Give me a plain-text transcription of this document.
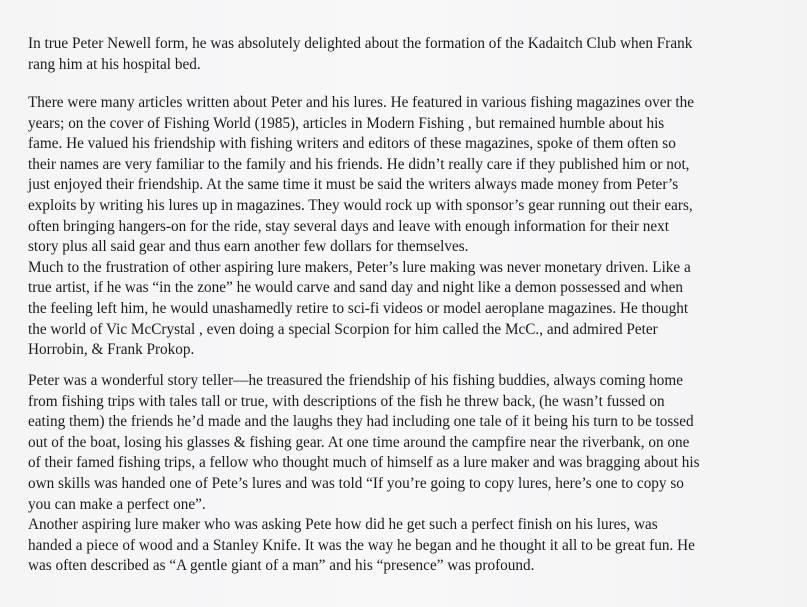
In true Peter Newell form, he was absolutely delighted about the formation of the Kadaitch Club when Frank
rang him at his hospital bed.
There were many articles written about Peter and his lures. He featured in various fishing magazines over the
years; on the cover of Fishing World (1985), articles in Modern Fishing , but remained humble about his
fame. He valued his friendship with fishing writers and editors of these magazines, spoke of them often so
their names are very familiar to the family and his friends. He didn’t really care if they published him or not,
just enjoyed their friendship. At the same time it must be said the writers always made money from Peter’s
exploits by writing his lures up in magazines. They would rock up with sponsor’s gear running out their ears,
often bringing hangers-on for the ride, stay several days and leave with enough information for their next
story plus all said gear and thus earn another few dollars for themselves.
Much to the frustration of other aspiring lure makers, Peter’s lure making was never monetary driven. Like a
true artist, if he was “in the zone” he would carve and sand day and night like a demon possessed and when
the feeling left him, he would unashamedly retire to sci-fi videos or model aeroplane magazines. He thought
the world of Vic McCrystal , even doing a special Scorpion for him called the McC., and admired Peter
Horrobin, & Frank Prokop.
Peter was a wonderful story teller—he treasured the friendship of his fishing buddies, always coming home
from fishing trips with tales tall or true, with descriptions of the fish he threw back, (he wasn’t fussed on
eating them) the friends he’d made and the laughs they had including one tale of it being his turn to be tossed
out of the boat, losing his glasses & fishing gear. At one time around the campfire near the riverbank, on one
of their famed fishing trips, a fellow who thought much of himself as a lure maker and was bragging about his
own skills was handed one of Pete’s lures and was told “If you’re going to copy lures, here’s one to copy so
you can make a perfect one”.
Another aspiring lure maker who was asking Pete how did he get such a perfect finish on his lures, was
handed a piece of wood and a Stanley Knife. It was the way he began and he thought it all to be great fun. He
was often described as “A gentle giant of a man” and his “presence” was profound.
